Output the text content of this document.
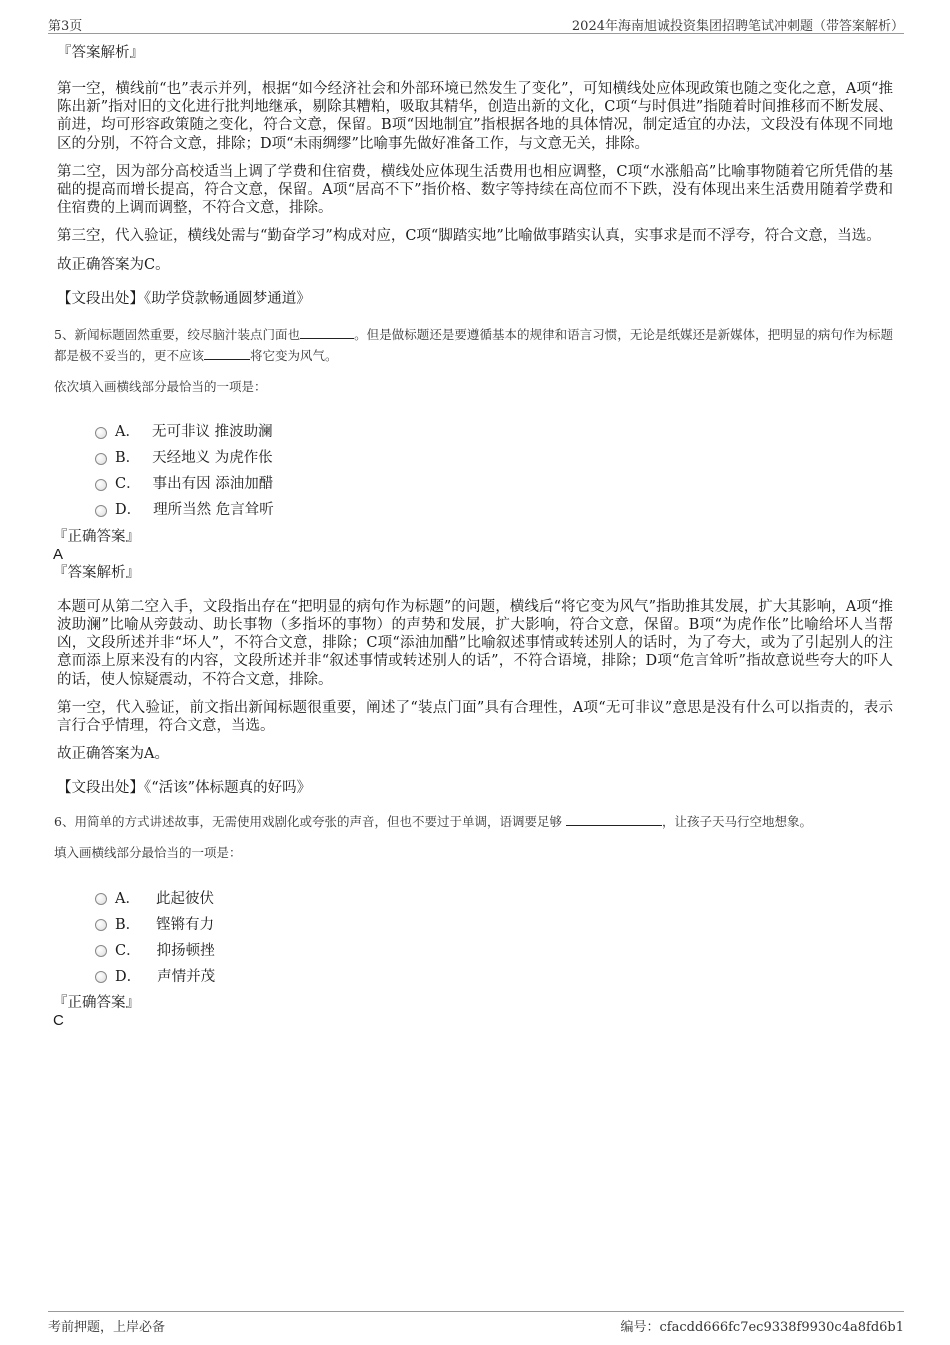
第3页	2024年海南旭诚投资集团招聘笔试冲刺题（带答案解析）
『答案解析』
第一空，横线前“也”表示并列，根据“如今经济社会和外部环境已然发生了变化”，可知横线处应体现政策也随之变化之意，A项“推陈出新”指对旧的文化进行批判地继承，剔除其糟粕，吸取其精华，创造出新的文化，C项“与时俱进”指随着时间推移而不断发展、前进，均可形容政策随之变化，符合文意，保留。B项“因地制宜”指根据各地的具体情况，制定适宜的办法，文段没有体现不同地区的分别，不符合文意，排除；D项“未雨绸缪”比喻事先做好准备工作，与文意无关，排除。
第二空，因为部分高校适当上调了学费和住宿费，横线处应体现生活费用也相应调整，C项“水涨船高”比喻事物随着它所凭借的基础的提高而增长提高，符合文意，保留。A项“居高不下”指价格、数字等持续在高位而不下跌，没有体现出来生活费用随着学费和住宿费的上调而调整，不符合文意，排除。
第三空，代入验证，横线处需与“勤奋学习”构成对应，C项“脚踏实地”比喻做事踏实认真，实事求是而不浮夸，符合文意，当选。
故正确答案为C。
【文段出处】《助学贷款畅通圆梦通道》
5、新闻标题固然重要，绞尽脑汁装点门面也	。但是做标题还是要遵循基本的规律和语言习惯，无论是纸媒还是新媒体，把明显的病句作为标题都是极不妥当的，更不应该	将它变为风气。
依次填入画横线部分最恰当的一项是：
A． 无可非议 推波助澜
B． 天经地义 为虎作伥
C． 事出有因 添油加醋
D． 理所当然 危言耸听
『正确答案』
A
『答案解析』
本题可从第二空入手，文段指出存在“把明显的病句作为标题”的问题，横线后“将它变为风气”指助推其发展，扩大其影响，A项“推波助澜”比喻从旁鼓动、助长事物（多指坏的事物）的声势和发展，扩大影响，符合文意，保留。B项“为虎作伥”比喻给坏人当帮凶，文段所述并非“坏人”，不符合文意，排除；C项“添油加醋”比喻叙述事情或转述别人的话时，为了夸大，或为了引起别人的注意而添上原来没有的内容，文段所述并非“叙述事情或转述别人的话”，不符合语境，排除；D项“危言耸听”指故意说些夸大的吓人的话，使人惊疑震动，不符合文意，排除。
第一空，代入验证，前文指出新闻标题很重要，阐述了“装点门面”具有合理性，A项“无可非议”意思是没有什么可以指责的，表示言行合乎情理，符合文意，当选。
故正确答案为A。
【文段出处】《“活该”体标题真的好吗》
6、用简单的方式讲述故事，无需使用戏剧化或夸张的声音，但也不要过于单调，语调要足够	，让孩子天马行空地想象。
填入画横线部分最恰当的一项是：
A． 此起彼伏
B． 铿锵有力
C． 抑扬顿挫
D． 声情并茂
『正确答案』
C
考前押题，上岸必备	编号：cfacdd666fc7ec9338f9930c4a8fd6b1
